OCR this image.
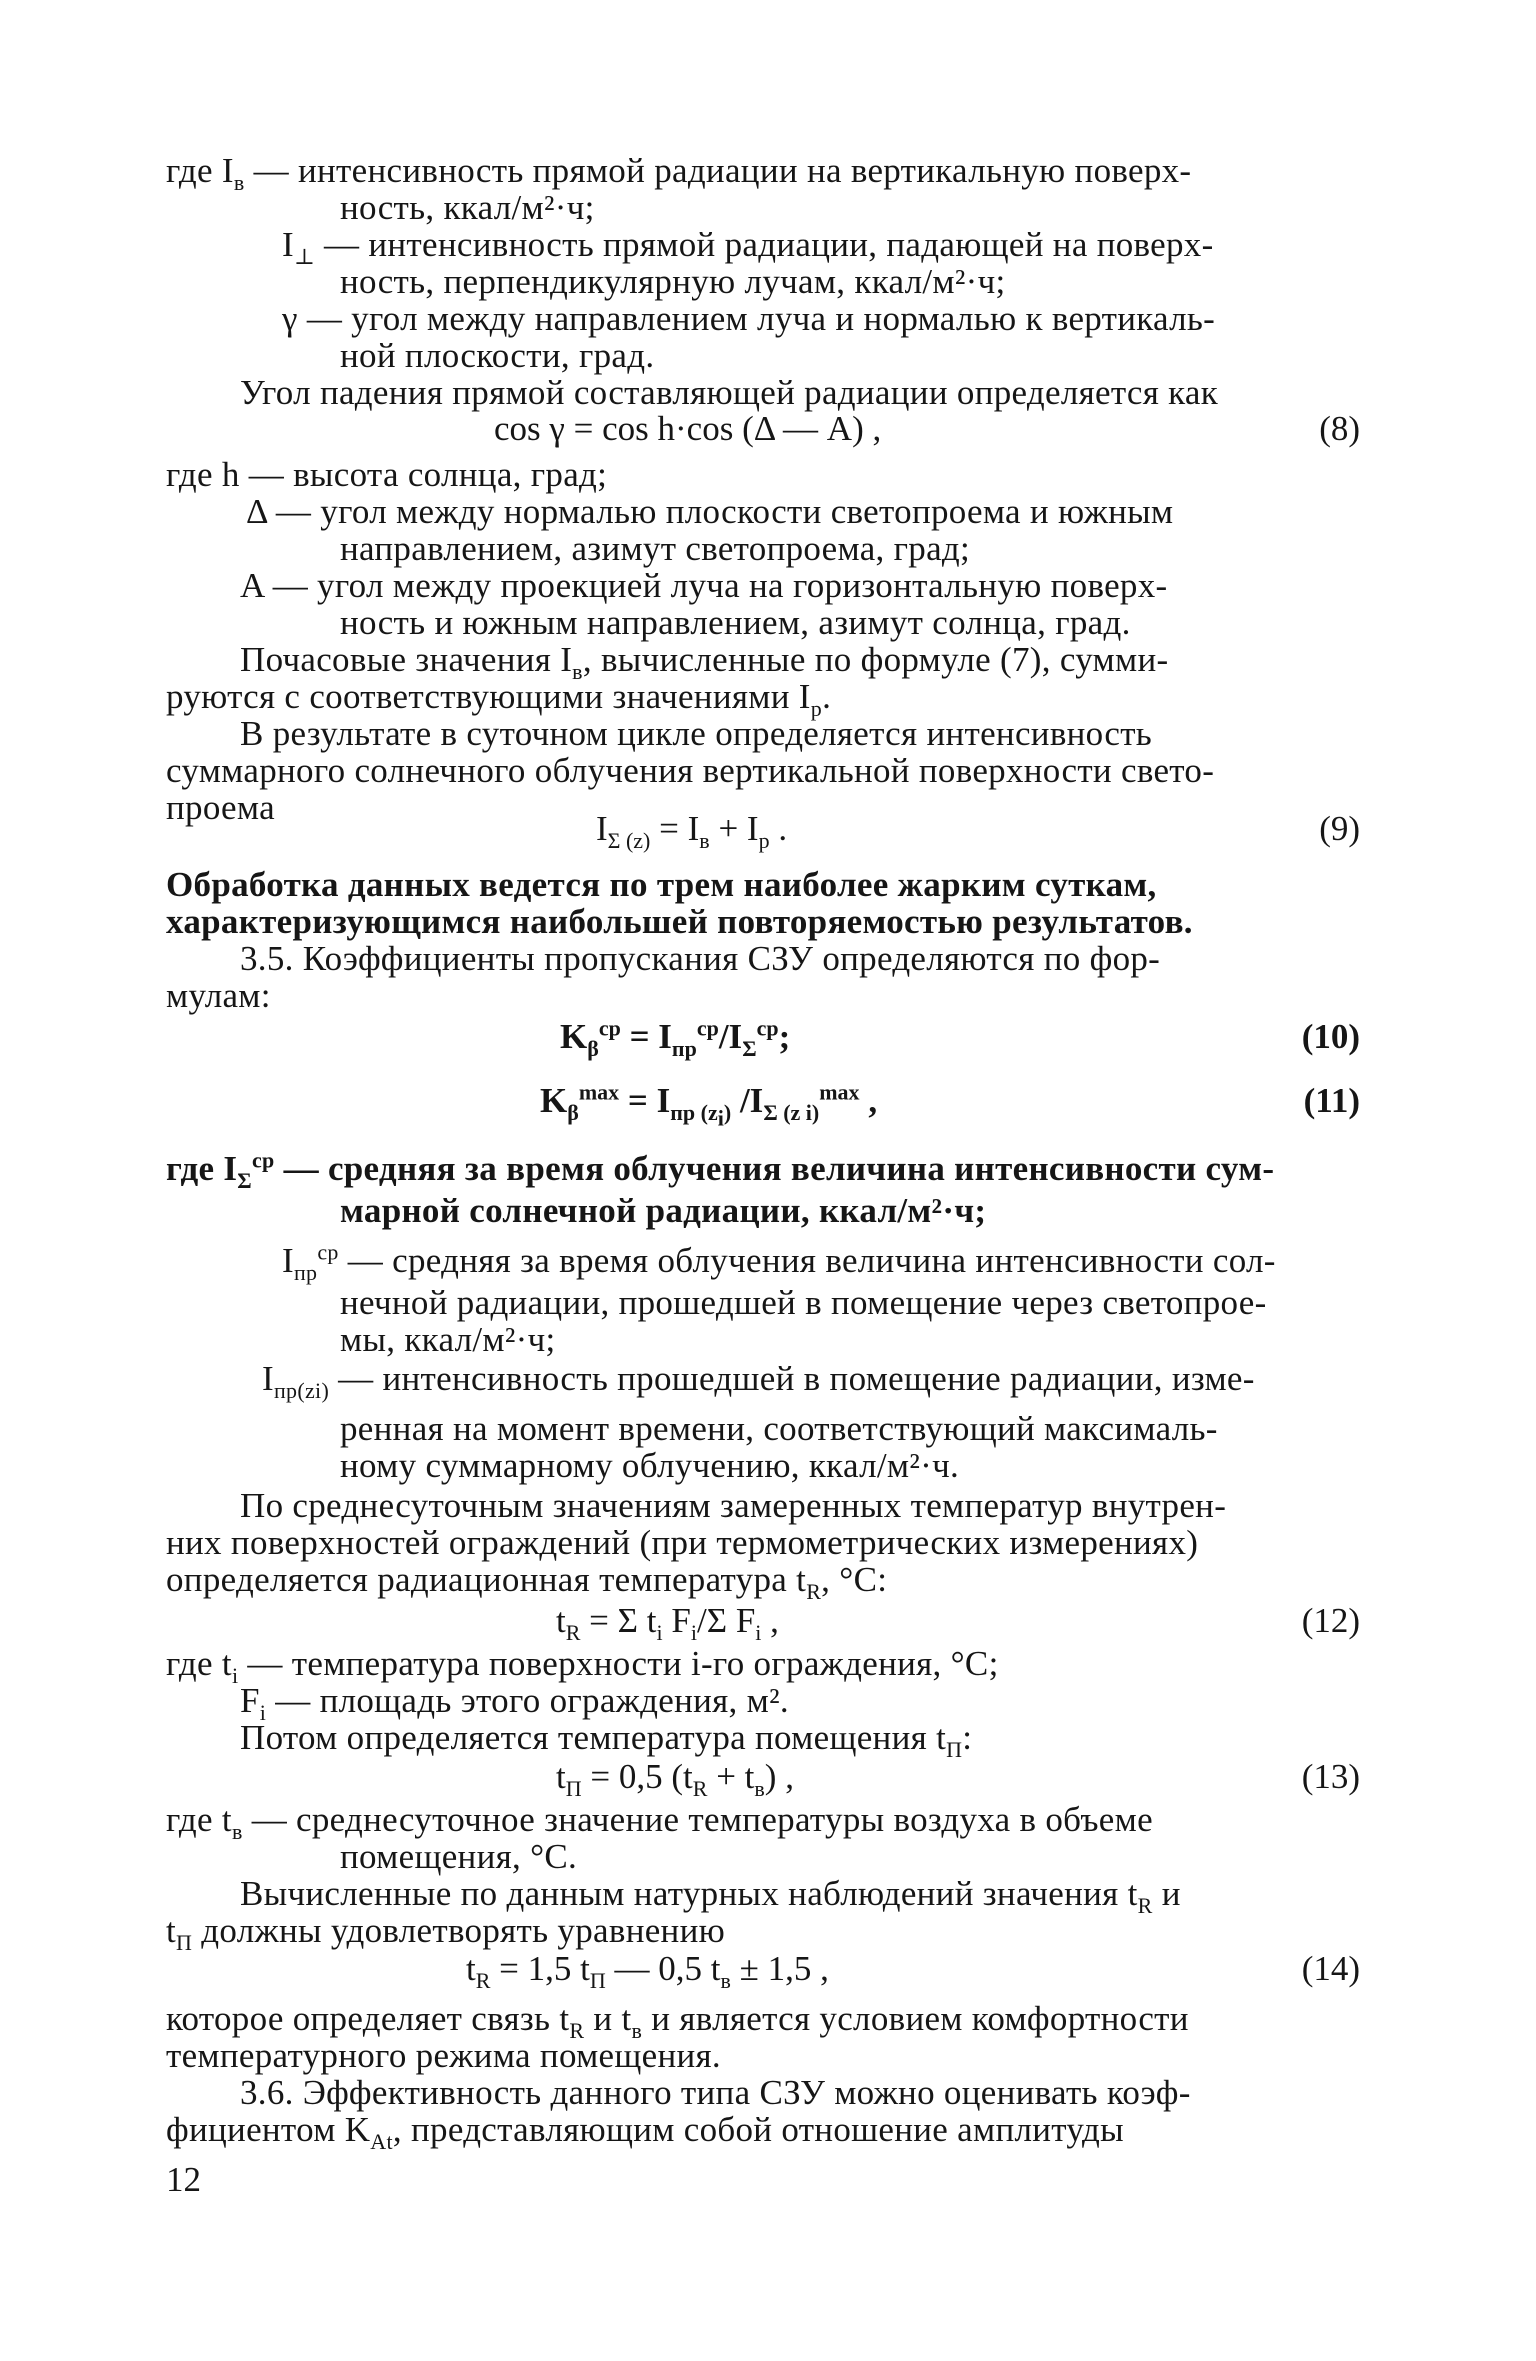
где $I_в$ — интенсивность прямой радиации на вертикальную поверх-
ность, ккал/м²·ч;
$I_\perp$ — интенсивность прямой радиации, падающей на поверх-
ность, перпендикулярную лучам, ккал/м²·ч;
γ — угол между направлением луча и нормалью к вертикаль-
ной плоскости, град.
Угол падения прямой составляющей радиации определяется как
cos γ = cos h·cos (Δ — A) ,	(8)
где h — высота солнца, град;
Δ — угол между нормалью плоскости светопроема и южным
направлением, азимут светопроема, град;
A — угол между проекцией луча на горизонтальную поверх-
ность и южным направлением, азимут солнца, град.
Почасовые значения $I_в$, вычисленные по формуле (7), сумми-
руются с соответствующими значениями $I_р$.
В результате в суточном цикле определяется интенсивность
суммарного солнечного облучения вертикальной поверхности свето-
проема
$I_{\Sigma (z)} = I_в + I_р$ .	(9)
Обработка данных ведется по трем наиболее жарким суткам,
характеризующимся наибольшей повторяемостью результатов.
3.5. Коэффициенты пропускания СЗУ определяются по фор-
мулам:
$K_\beta^{ср} = I_{пр}^{ср}/I_\Sigma^{ср}$;	(10)
$K_\beta^{max} = I_{пр (z_i)}$ $/I_{\Sigma (z i)}^{max}$ ,	(11)
где $I_\Sigma^{ср}$ — средняя за время облучения величина интенсивности сум-
марной солнечной радиации, ккал/м²·ч;
$I_{пр}^{ср}$ — средняя за время облучения величина интенсивности сол-
нечной радиации, прошедшей в помещение через светопрое-
мы, ккал/м²·ч;
$I_{пр(zi)}$ — интенсивность прошедшей в помещение радиации, изме-
ренная на момент времени, соответствующий максималь-
ному суммарному облучению, ккал/м²·ч.
По среднесуточным значениям замеренных температур внутрен-
них поверхностей ограждений (при термометрических измерениях)
определяется радиационная температура $t_R$, °C:
$t_R = \Sigma$ $t_i$ $F_i/\Sigma$ $F_i$ ,	(12)
где $t_i$ — температура поверхности i-го ограждения, °C;
$F_i$ — площадь этого ограждения, м².
Потом определяется температура помещения $t_П$:
$t_П = 0,5$ $(t_R + t_в)$ ,	(13)
где $t_в$ — среднесуточное значение температуры воздуха в объеме
помещения, °C.
Вычисленные по данным натурных наблюдений значения $t_R$ и
$t_П$ должны удовлетворять уравнению
$t_R = 1,5$ $t_П$ — 0,5 $t_в \pm 1,5$ ,	(14)
которое определяет связь $t_R$ и $t_в$ и является условием комфортности
температурного режима помещения.
3.6. Эффективность данного типа СЗУ можно оценивать коэф-
фициентом $K_{At}$, представляющим собой отношение амплитуды
12
